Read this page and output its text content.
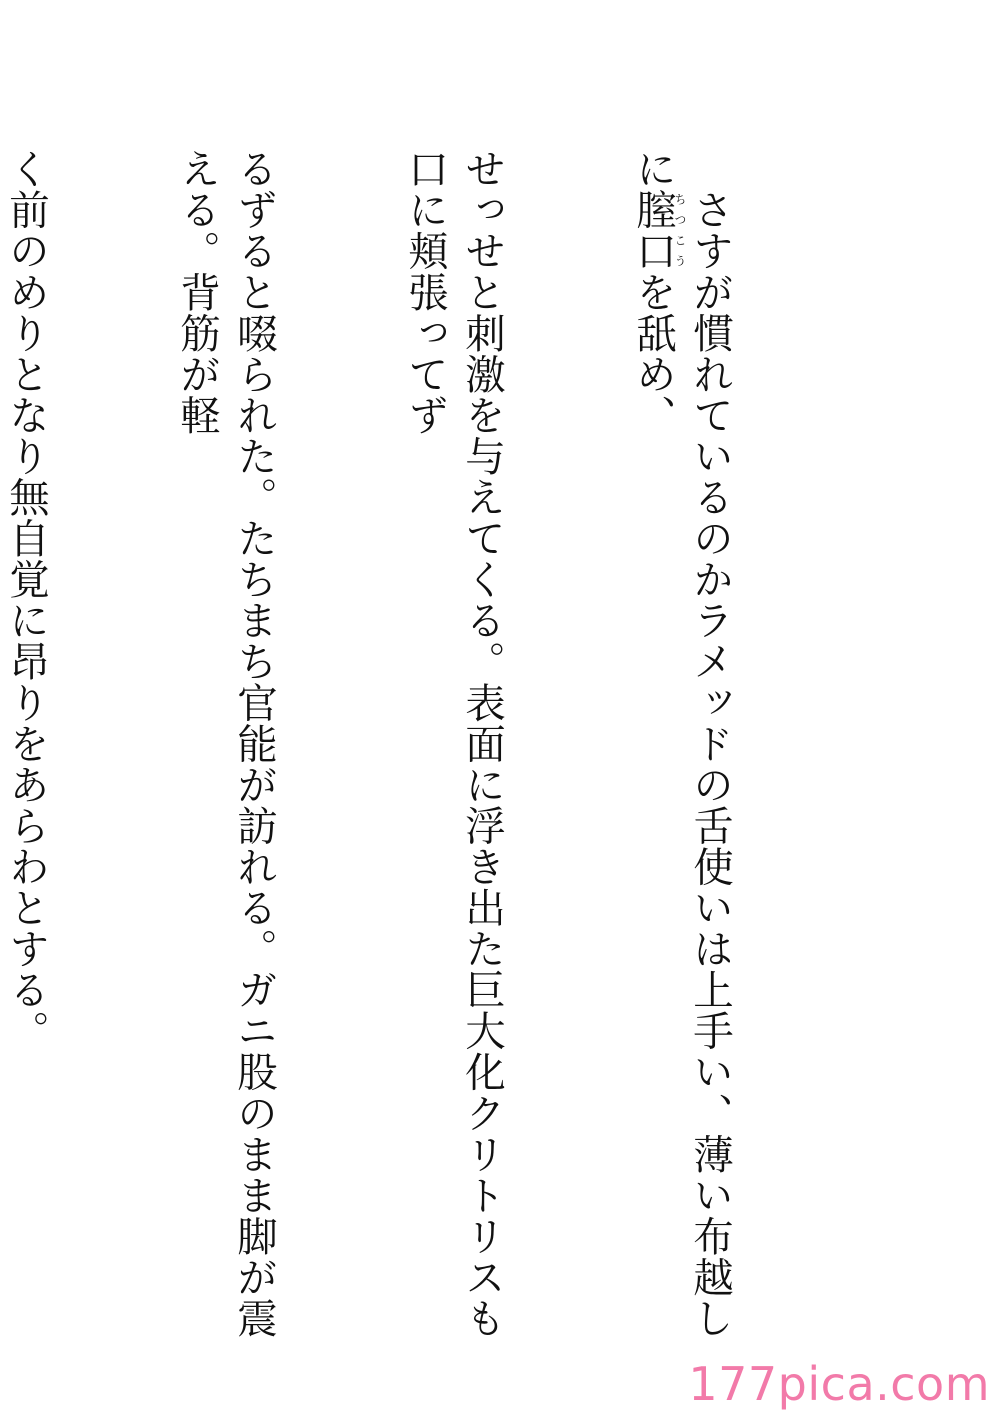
　さすが慣れているのかラメッドの舌使いは上手い、薄い布越しに膣口ちつこうを舐め、

せっせと刺激を与えてくる。表面に浮き出た巨大化クリトリスも口に頬張ってず

るずると啜られた。たちまち官能が訪れる。ガニ股のまま脚が震える。背筋が軽

く前のめりとなり無自覚に昂りをあらわとする。

177pica.com
